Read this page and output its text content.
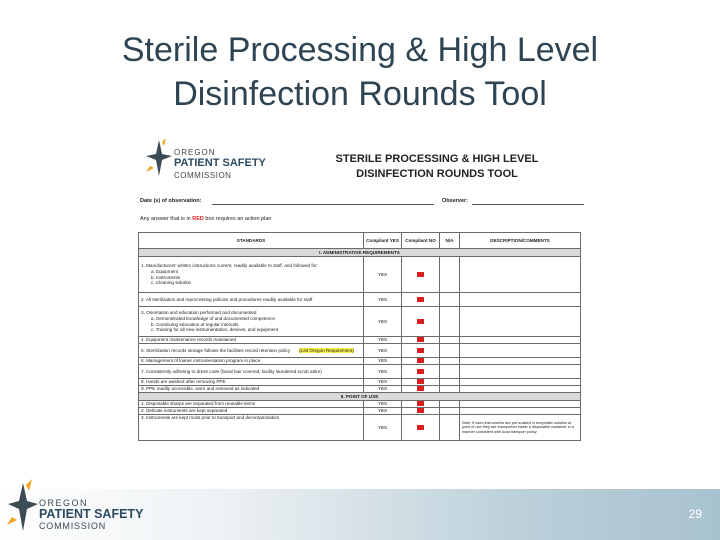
Sterile Processing & High Level
Disinfection Rounds Tool
OREGON
PATIENT SAFETY
COMMISSION
STERILE PROCESSING & HIGH LEVEL
DISINFECTION ROUNDS TOOL
Date (s) of observation:	Observer:
Any answer that is in RED box requires an action plan
STANDARDS	Compliant YES	Compliant NO	N/A	DESCRIPTION/COMMENTS
I. ADMINISTRATIVE REQUIREMENTS				
1. Manufacturers' written instructions current, readily available to staff, and followed for:
a. Equipment
b. Instruments
c. Cleaning solution	YES			
2. All sterilization and reprocessing policies and procedures readily available for staff	YES			
3. Orientation and education performed and documented
a. Demonstrated knowledge of and documented competence
b. Continuing education at regular intervals
c. Training for all new instrumentation, devices, and equipment	YES			
4. Equipment maintenance records maintained	YES			
5. Sterilization records storage follows the facilities record retention policy (List Oregon Requirement)	YES			
6. Management of loaner instrumentation program in place	YES			
7. Consistently adhering to dress code (facial hair covered, facility laundered scrub attire)	YES			
8. Hands are washed after removing PPE	YES			
9. PPE readily accessible, worn and removed as indicated	YES			
II. POINT OF USE				
1. Disposable sharps are separated from reusable items	YES			
2. Delicate instruments are kept separated	YES			
3. Instruments are kept moist prior to transport and decontamination	YES			Note: If used instruments are pre-soaked in enzymatic solution at point of use they are transported inside a disposable container in a manner consistent with local transport policy.
OREGON
PATIENT SAFETY
COMMISSION
29
